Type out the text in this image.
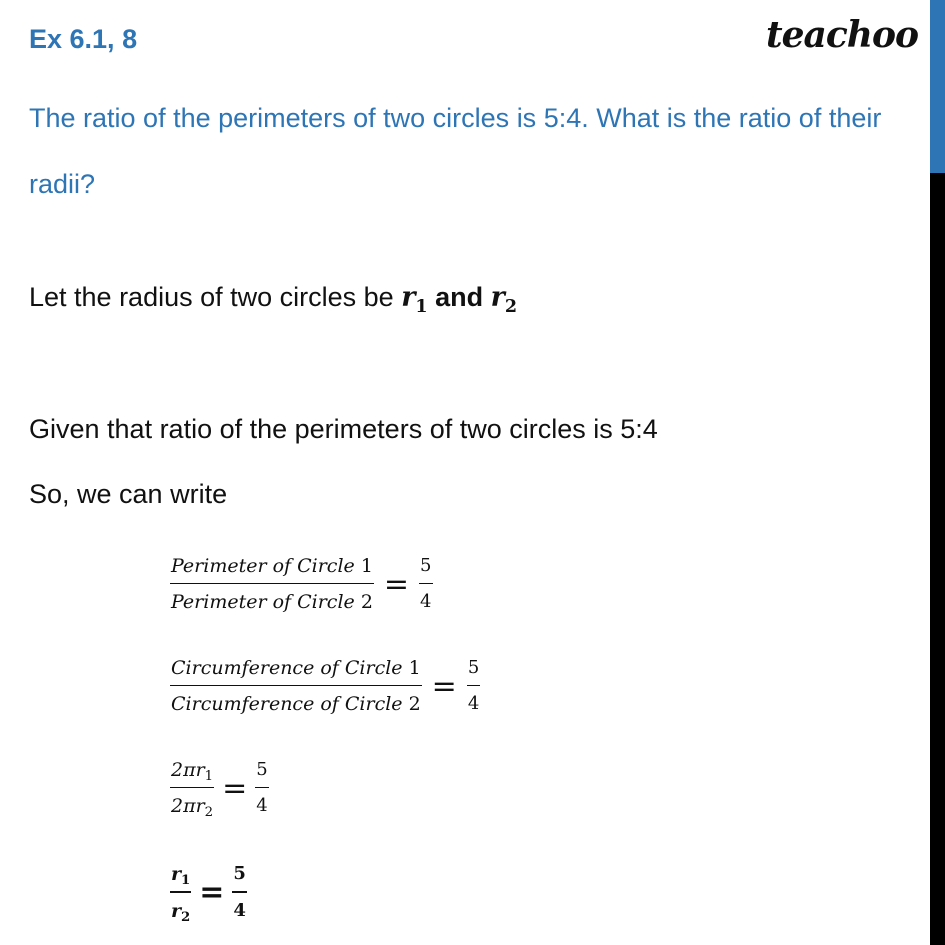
Ex 6.1, 8	teachoo
The ratio of the perimeters of two circles is 5:4. What is the ratio of their radii?
Let the radius of two circles be $r_1$ and $r_2$
Given that ratio of the perimeters of two circles is 5:4
So, we can write
$\frac{\text{Perimeter of Circle 1}}{\text{Perimeter of Circle 2}} = \frac{5}{4}$
$\frac{\text{Circumference of Circle 1}}{\text{Circumference of Circle 2}} = \frac{5}{4}$
$\frac{2\pi r_1}{2\pi r_2} = \frac{5}{4}$
$\frac{r_1}{r_2} = \frac{5}{4}$
